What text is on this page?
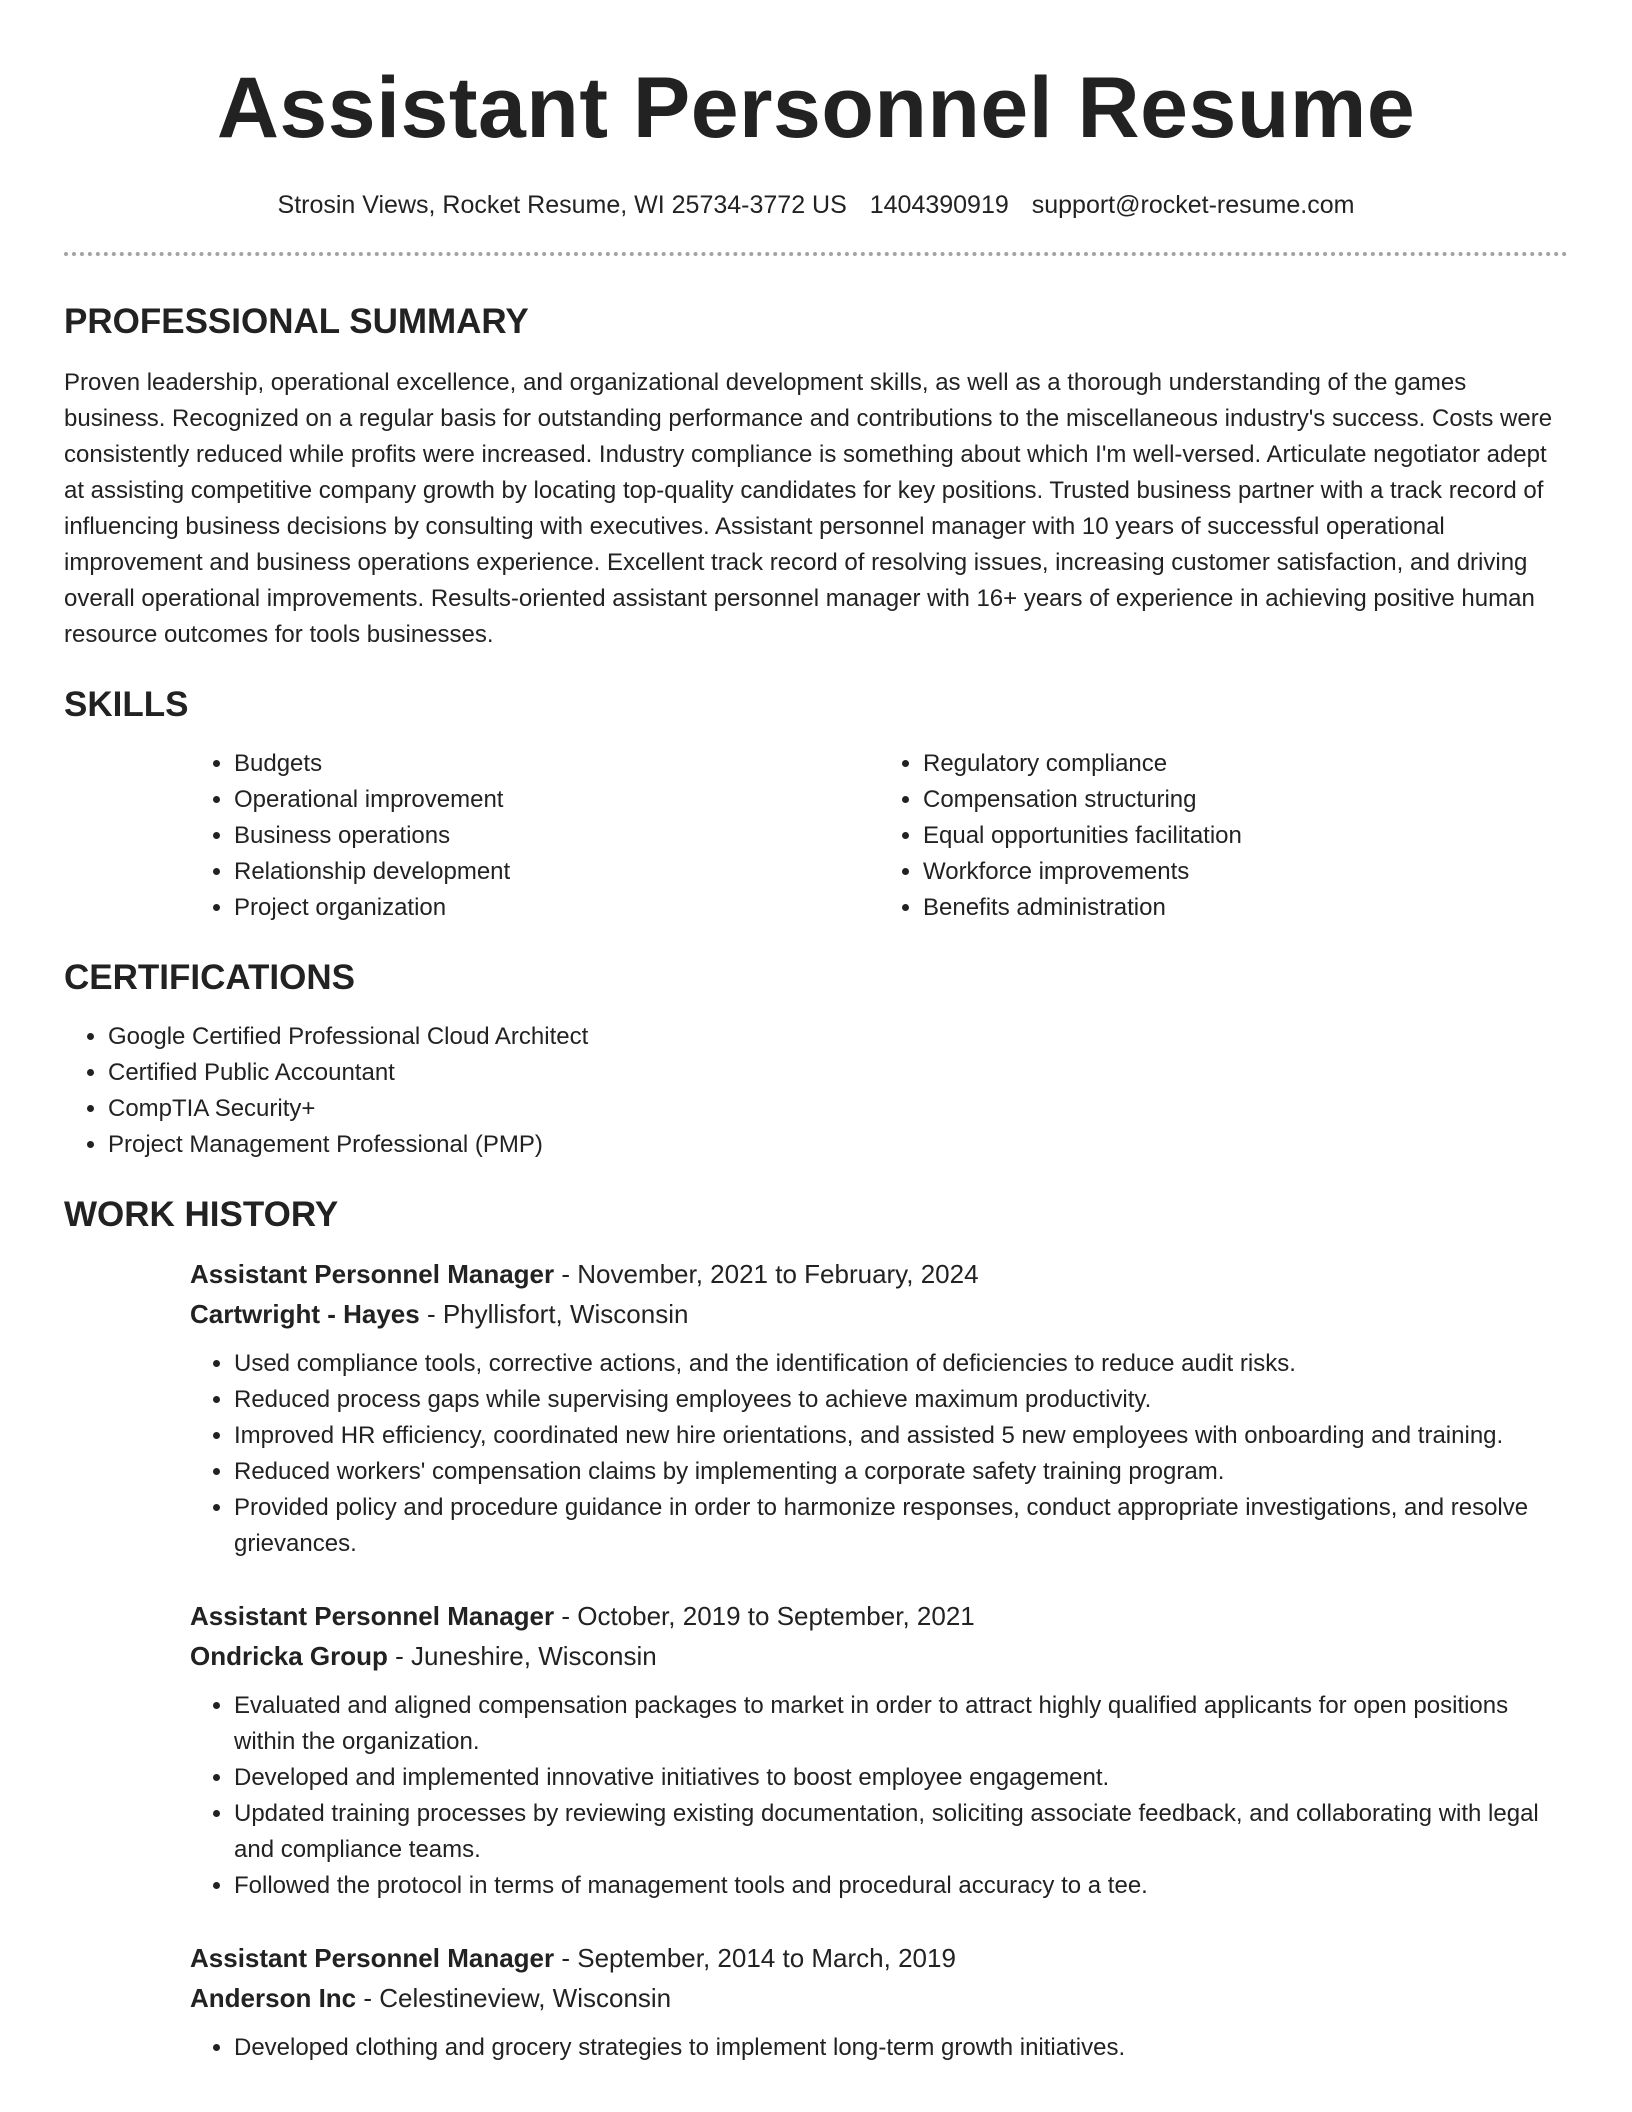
Assistant Personnel Resume
Strosin Views, Rocket Resume, WI 25734-3772 US 1404390919 support@rocket-resume.com
PROFESSIONAL SUMMARY

Proven leadership, operational excellence, and organizational development skills, as well as a thorough understanding of the games business. Recognized on a regular basis for outstanding performance and contributions to the miscellaneous industry's success. Costs were consistently reduced while profits were increased. Industry compliance is something about which I'm well-versed. Articulate negotiator adept at assisting competitive company growth by locating top-quality candidates for key positions. Trusted business partner with a track record of influencing business decisions by consulting with executives. Assistant personnel manager with 10 years of successful operational improvement and business operations experience. Excellent track record of resolving issues, increasing customer satisfaction, and driving overall operational improvements. Results-oriented assistant personnel manager with 16+ years of experience in achieving positive human resource outcomes for tools businesses.

SKILLS
• Budgets
• Operational improvement
• Business operations
• Relationship development
• Project organization
• Regulatory compliance
• Compensation structuring
• Equal opportunities facilitation
• Workforce improvements
• Benefits administration
CERTIFICATIONS
• Google Certified Professional Cloud Architect
• Certified Public Accountant
• CompTIA Security+
• Project Management Professional (PMP)
WORK HISTORY
Assistant Personnel Manager - November, 2021 to February, 2024
Cartwright - Hayes - Phyllisfort, Wisconsin
• Used compliance tools, corrective actions, and the identification of deficiencies to reduce audit risks.
• Reduced process gaps while supervising employees to achieve maximum productivity.
• Improved HR efficiency, coordinated new hire orientations, and assisted 5 new employees with onboarding and training.
• Reduced workers' compensation claims by implementing a corporate safety training program.
• Provided policy and procedure guidance in order to harmonize responses, conduct appropriate investigations, and resolve grievances.
Assistant Personnel Manager - October, 2019 to September, 2021
Ondricka Group - Juneshire, Wisconsin
• Evaluated and aligned compensation packages to market in order to attract highly qualified applicants for open positions within the organization.
• Developed and implemented innovative initiatives to boost employee engagement.
• Updated training processes by reviewing existing documentation, soliciting associate feedback, and collaborating with legal and compliance teams.
• Followed the protocol in terms of management tools and procedural accuracy to a tee.
Assistant Personnel Manager - September, 2014 to March, 2019
Anderson Inc - Celestineview, Wisconsin
• Developed clothing and grocery strategies to implement long-term growth initiatives.
